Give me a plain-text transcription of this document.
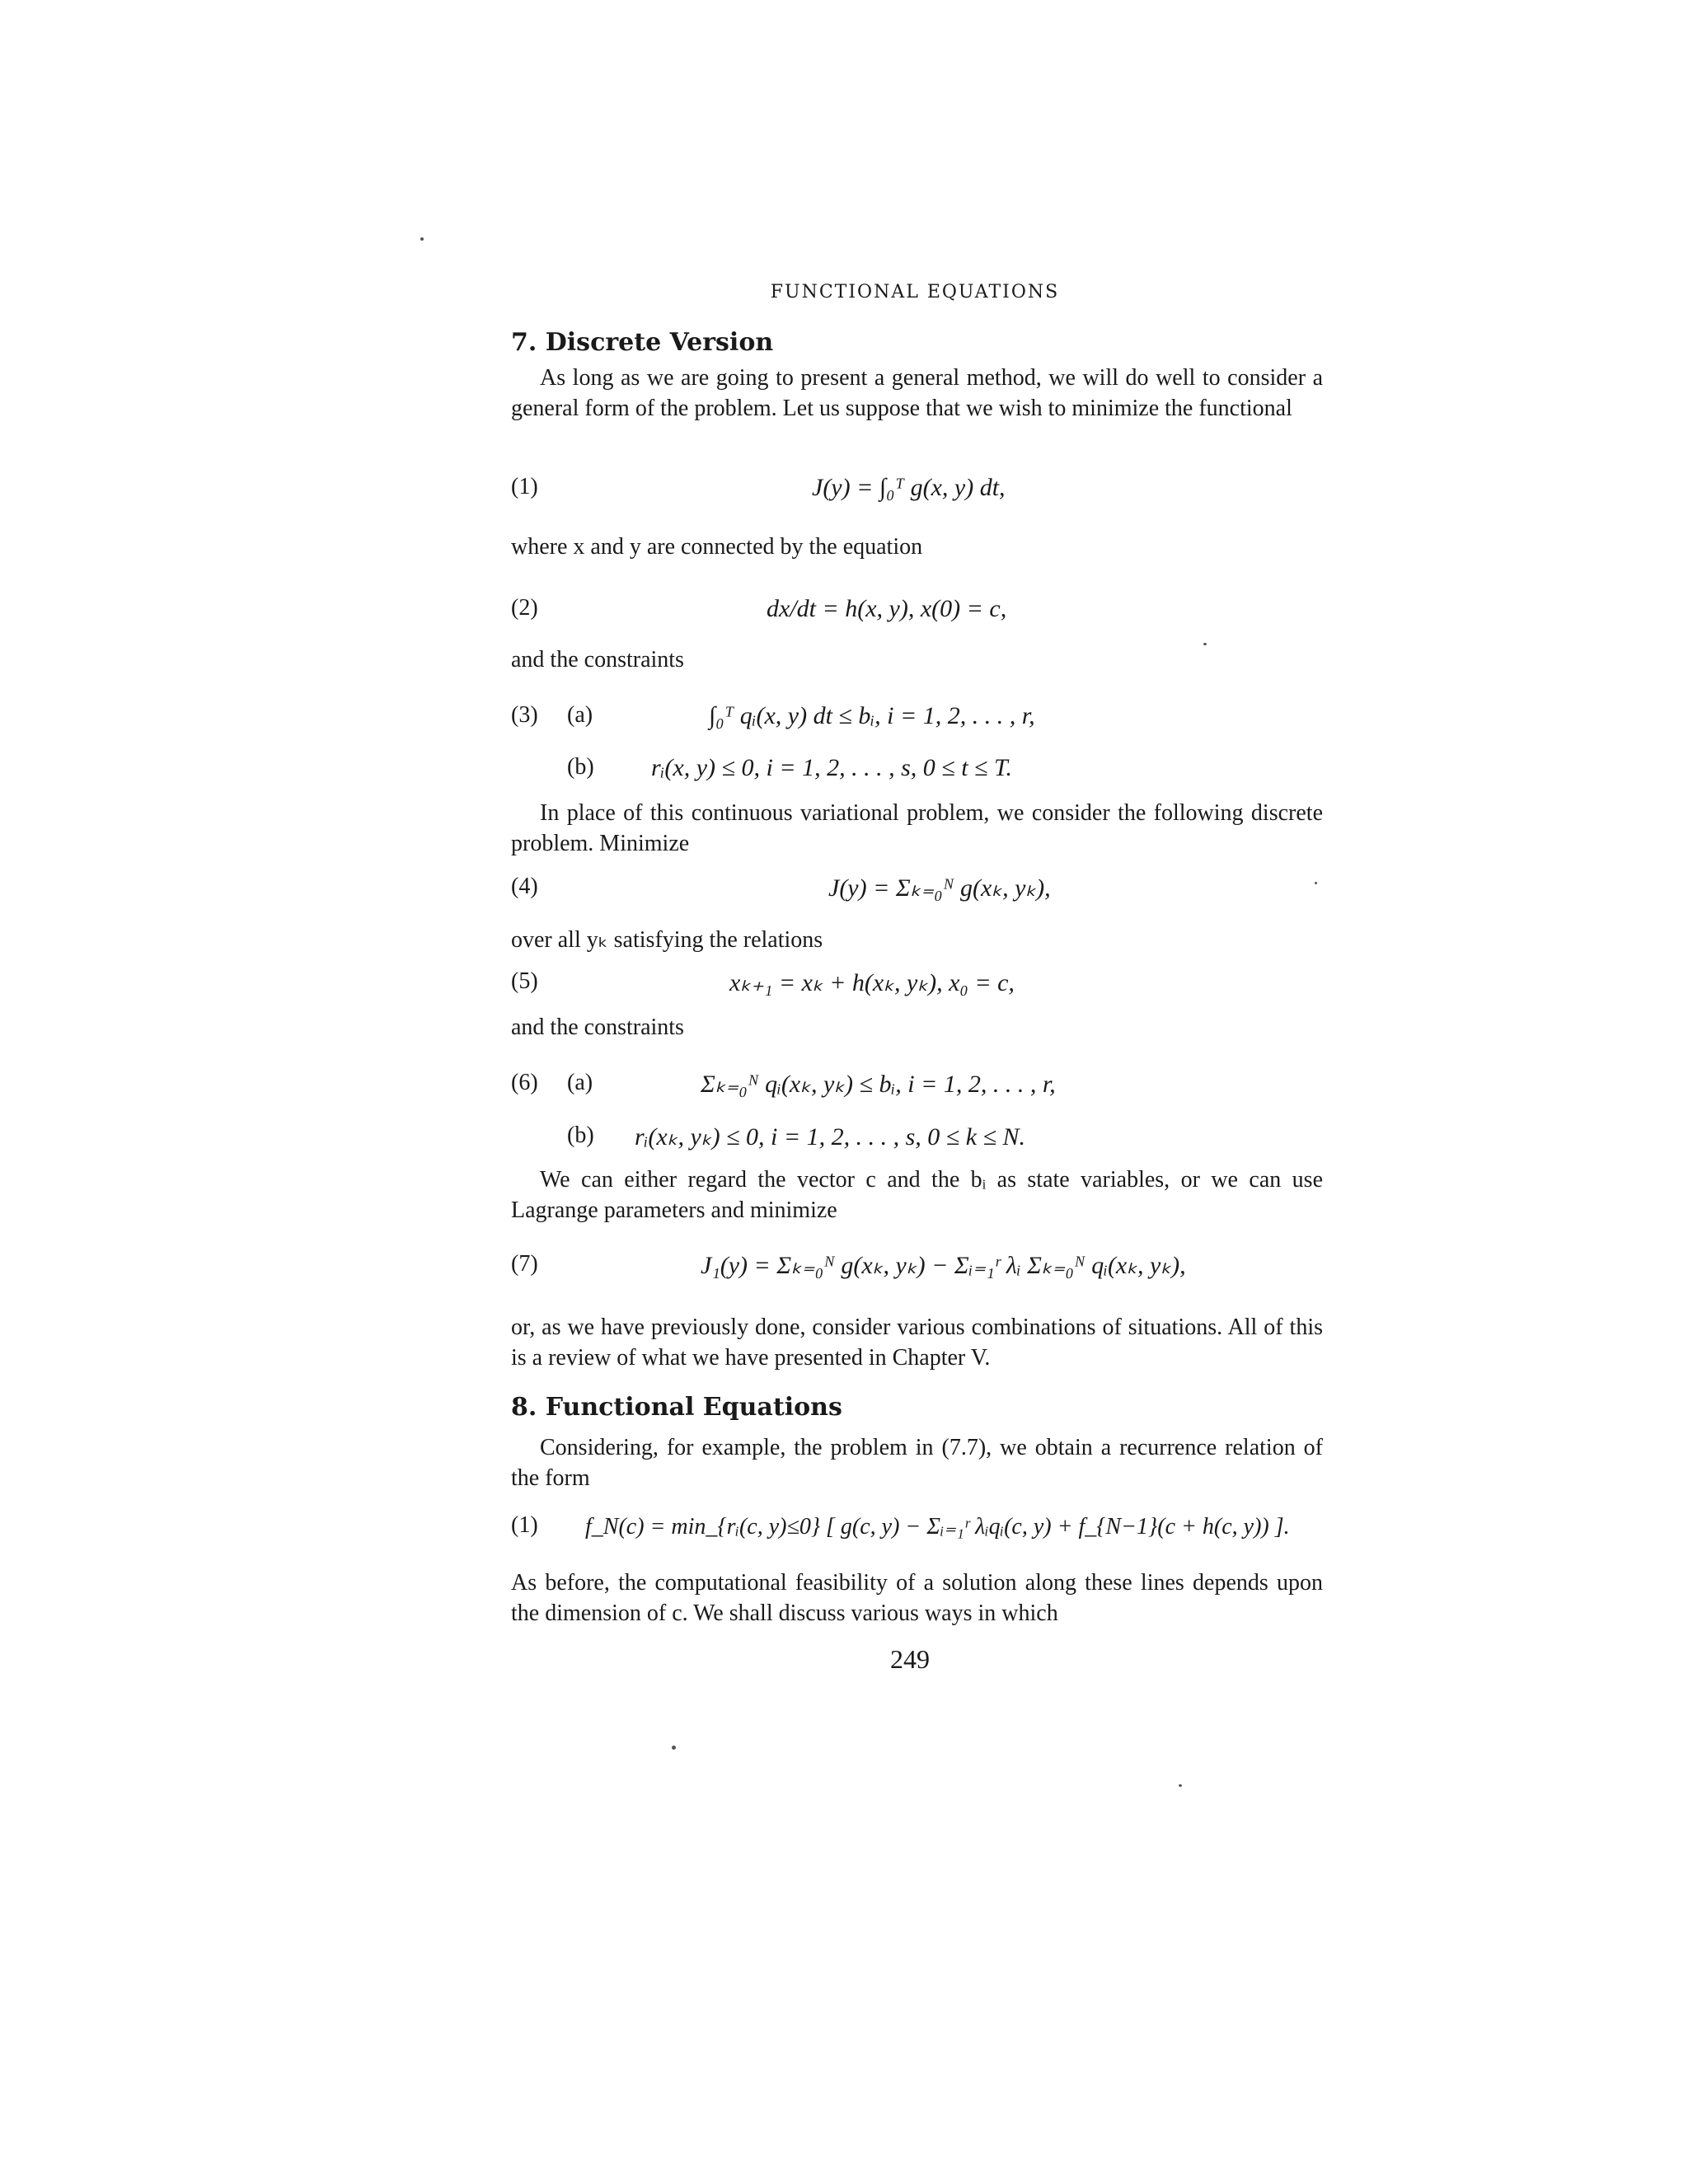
FUNCTIONAL EQUATIONS
7. Discrete Version
As long as we are going to present a general method, we will do well to consider a general form of the problem. Let us suppose that we wish to minimize the functional
(1)	J(y) = ∫₀ᵀ g(x, y) dt,
where x and y are connected by the equation
(2)	dx/dt = h(x, y), x(0) = c,
and the constraints
(3) (a)	∫₀ᵀ qᵢ(x, y) dt ≤ bᵢ, i = 1, 2, . . . , r,
(b) rᵢ(x, y) ≤ 0, i = 1, 2, . . . , s, 0 ≤ t ≤ T.
In place of this continuous variational problem, we consider the following discrete problem. Minimize
(4)	J(y) = Σₖ₌₀ᴺ g(xₖ, yₖ),
over all yₖ satisfying the relations
(5)	xₖ₊₁ = xₖ + h(xₖ, yₖ), x₀ = c,
and the constraints
(6) (a)	Σₖ₌₀ᴺ qᵢ(xₖ, yₖ) ≤ bᵢ, i = 1, 2, . . . , r,
(b) rᵢ(xₖ, yₖ) ≤ 0, i = 1, 2, . . . , s, 0 ≤ k ≤ N.
We can either regard the vector c and the bᵢ as state variables, or we can use Lagrange parameters and minimize
(7)	J₁(y) = Σₖ₌₀ᴺ g(xₖ, yₖ) − Σᵢ₌₁ʳ λᵢ Σₖ₌₀ᴺ qᵢ(xₖ, yₖ),
or, as we have previously done, consider various combinations of situations. All of this is a review of what we have presented in Chapter V.
8. Functional Equations
Considering, for example, the problem in (7.7), we obtain a recurrence relation of the form
(1) f_N(c) = min_{rᵢ(c, y)≤0} [ g(c, y) − Σᵢ₌₁ʳ λᵢqᵢ(c, y) + f_{N−1}(c + h(c, y)) ].
As before, the computational feasibility of a solution along these lines depends upon the dimension of c. We shall discuss various ways in which
249
